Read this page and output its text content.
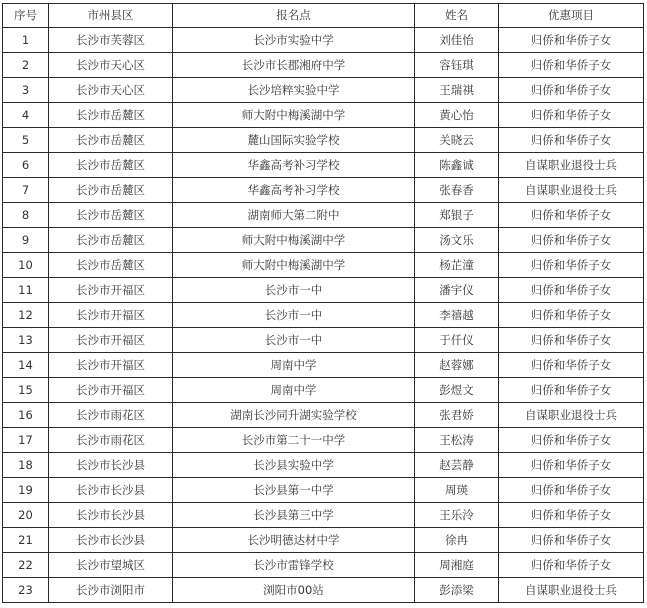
序号	市州县区	报名点	姓名	优惠项目
1	长沙市芙蓉区	长沙市实验中学	刘佳怡	归侨和华侨子女
2	长沙市天心区	长沙市长郡湘府中学	容钰琪	归侨和华侨子女
3	长沙市天心区	长沙培粹实验中学	王瑞祺	归侨和华侨子女
4	长沙市岳麓区	师大附中梅溪湖中学	黄心怡	归侨和华侨子女
5	长沙市岳麓区	麓山国际实验学校	关晓云	归侨和华侨子女
6	长沙市岳麓区	华鑫高考补习学校	陈鑫诚	自谋职业退役士兵
7	长沙市岳麓区	华鑫高考补习学校	张春香	自谋职业退役士兵
8	长沙市岳麓区	湖南师大第二附中	郑银子	归侨和华侨子女
9	长沙市岳麓区	师大附中梅溪湖中学	汤文乐	归侨和华侨子女
10	长沙市岳麓区	师大附中梅溪湖中学	杨芷潼	归侨和华侨子女
11	长沙市开福区	长沙市一中	潘宇仪	归侨和华侨子女
12	长沙市开福区	长沙市一中	李禧越	归侨和华侨子女
13	长沙市开福区	长沙市一中	于仟仪	归侨和华侨子女
14	长沙市开福区	周南中学	赵蓉娜	归侨和华侨子女
15	长沙市开福区	周南中学	彭煜文	归侨和华侨子女
16	长沙市雨花区	湖南长沙同升湖实验学校	张君娇	自谋职业退役士兵
17	长沙市雨花区	长沙市第二十一中学	王松涛	归侨和华侨子女
18	长沙市长沙县	长沙县实验中学	赵芸静	归侨和华侨子女
19	长沙市长沙县	长沙县第一中学	周瑛	归侨和华侨子女
20	长沙市长沙县	长沙县第三中学	王乐泠	归侨和华侨子女
21	长沙市长沙县	长沙明德达材中学	徐冉	归侨和华侨子女
22	长沙市望城区	长沙市雷锋学校	周湘庭	归侨和华侨子女
23	长沙市浏阳市	浏阳市00站	彭添梁	自谋职业退役士兵
